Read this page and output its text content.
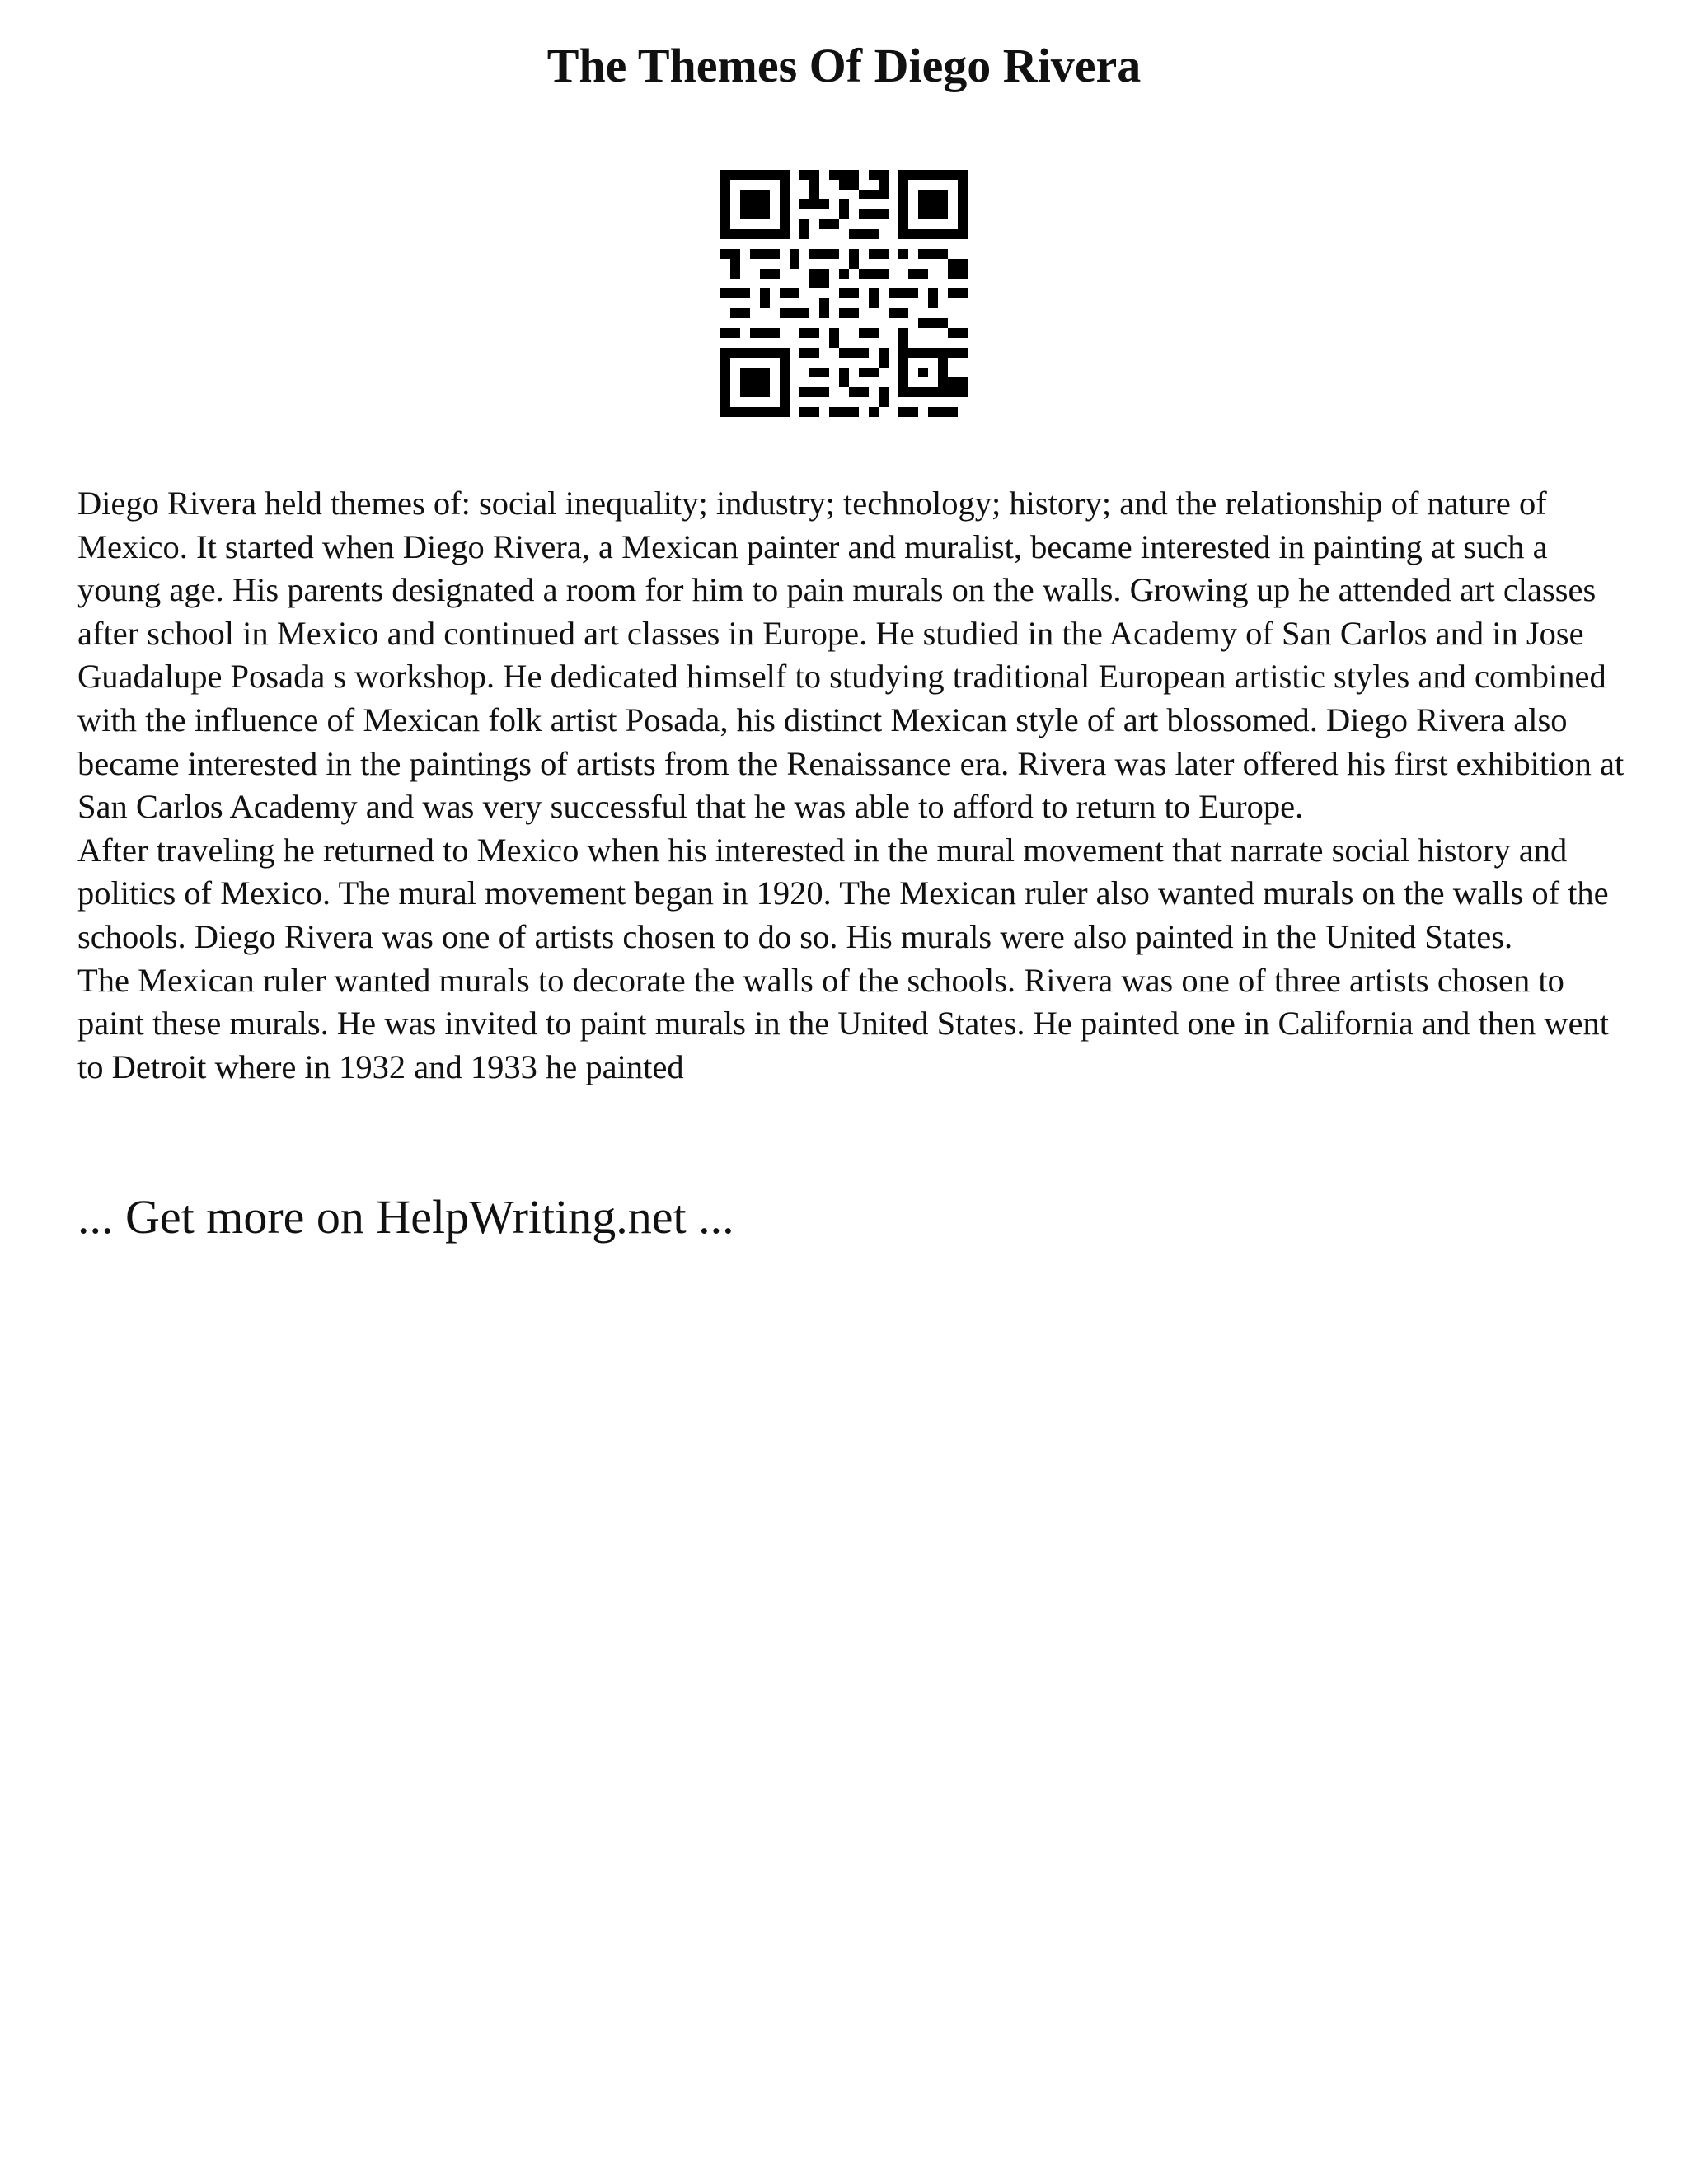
The Themes Of Diego Rivera

Diego Rivera held themes of: social inequality; industry; technology; history; and the relationship of nature of Mexico. It started when Diego Rivera, a Mexican painter and muralist, became interested in painting at such a young age. His parents designated a room for him to pain murals on the walls. Growing up he attended art classes after school in Mexico and continued art classes in Europe. He studied in the Academy of San Carlos and in Jose Guadalupe Posada s workshop. He dedicated himself to studying traditional European artistic styles and combined with the influence of Mexican folk artist Posada, his distinct Mexican style of art blossomed. Diego Rivera also became interested in the paintings of artists from the Renaissance era. Rivera was later offered his first exhibition at San Carlos Academy and was very successful that he was able to afford to return to Europe.

After traveling he returned to Mexico when his interested in the mural movement that narrate social history and politics of Mexico. The mural movement began in 1920. The Mexican ruler also wanted murals on the walls of the schools. Diego Rivera was one of artists chosen to do so. His murals were also painted in the United States.

The Mexican ruler wanted murals to decorate the walls of the schools. Rivera was one of three artists chosen to paint these murals. He was invited to paint murals in the United States. He painted one in California and then went to Detroit where in 1932 and 1933 he painted

... Get more on HelpWriting.net ...
